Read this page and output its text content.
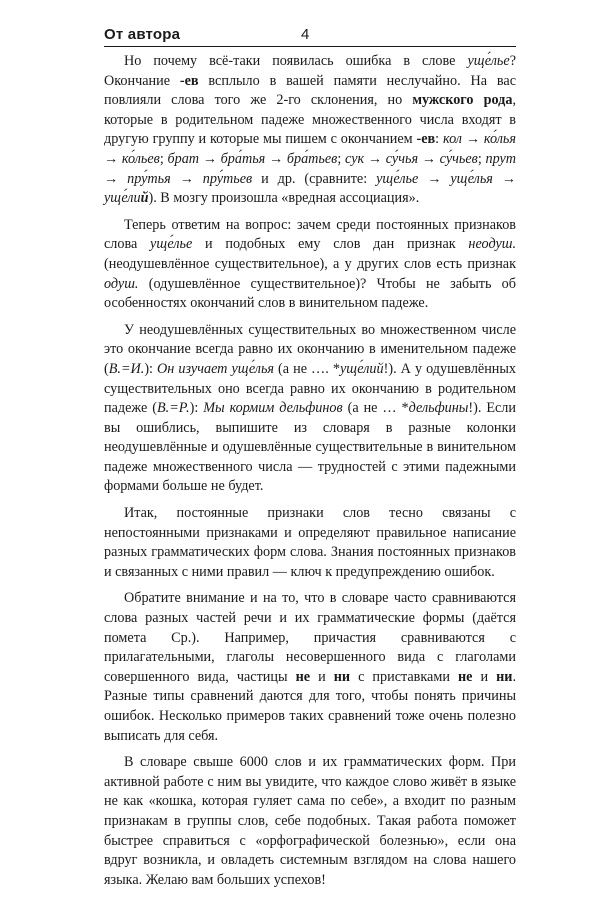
От автора	4

Но почему всё-таки появилась ошибка в слове уще́лье? Окончание -ев всплыло в вашей памяти неслучайно. На вас повлияли слова того же 2-го склонения, но мужского рода, которые в родительном падеже множественного числа входят в другую группу и которые мы пишем с окончанием -ев: кол → ко́лья → ко́льев; брат → бра́тья → бра́тьев; сук → су́чья → су́чьев; прут → пру́тья → пру́тьев и др. (сравните: уще́лье → уще́лья → уще́лий). В мозгу произошла «вредная ассоциация».

Теперь ответим на вопрос: зачем среди постоянных признаков слова уще́лье и подобных ему слов дан признак неодуш. (неодушевлённое существительное), а у других слов есть признак одуш. (одушевлённое существительное)? Чтобы не забыть об особенностях окончаний слов в винительном падеже.

У неодушевлённых существительных во множественном числе это окончание всегда равно их окончанию в именительном падеже (В.=И.): Он изучает уще́лья (а не …. *уще́лий!). А у одушевлённых существительных оно всегда равно их окончанию в родительном падеже (В.=Р.): Мы кормим дельфинов (а не … *дельфины!). Если вы ошиблись, выпишите из словаря в разные колонки неодушевлённые и одушевлённые существительные в винительном падеже множественного числа — трудностей с этими падежными формами больше не будет.

Итак, постоянные признаки слов тесно связаны с непостоянными признаками и определяют правильное написание разных грамматических форм слова. Знания постоянных признаков и связанных с ними правил — ключ к предупреждению ошибок.

Обратите внимание и на то, что в словаре часто сравниваются слова разных частей речи и их грамматические формы (даётся помета Ср.). Например, причастия сравниваются с прилагательными, глаголы несовершенного вида с глаголами совершенного вида, частицы не и ни с приставками не и ни. Разные типы сравнений даются для того, чтобы понять причины ошибок. Несколько примеров таких сравнений тоже очень полезно выписать для себя.

В словаре свыше 6000 слов и их грамматических форм. При активной работе с ним вы увидите, что каждое слово живёт в языке не как «кошка, которая гуляет сама по себе», а входит по разным признакам в группы слов, себе подобных. Такая работа поможет быстрее справиться с «орфографической болезнью», если она вдруг возникла, и овладеть системным взглядом на слова нашего языка. Желаю вам больших успехов!
